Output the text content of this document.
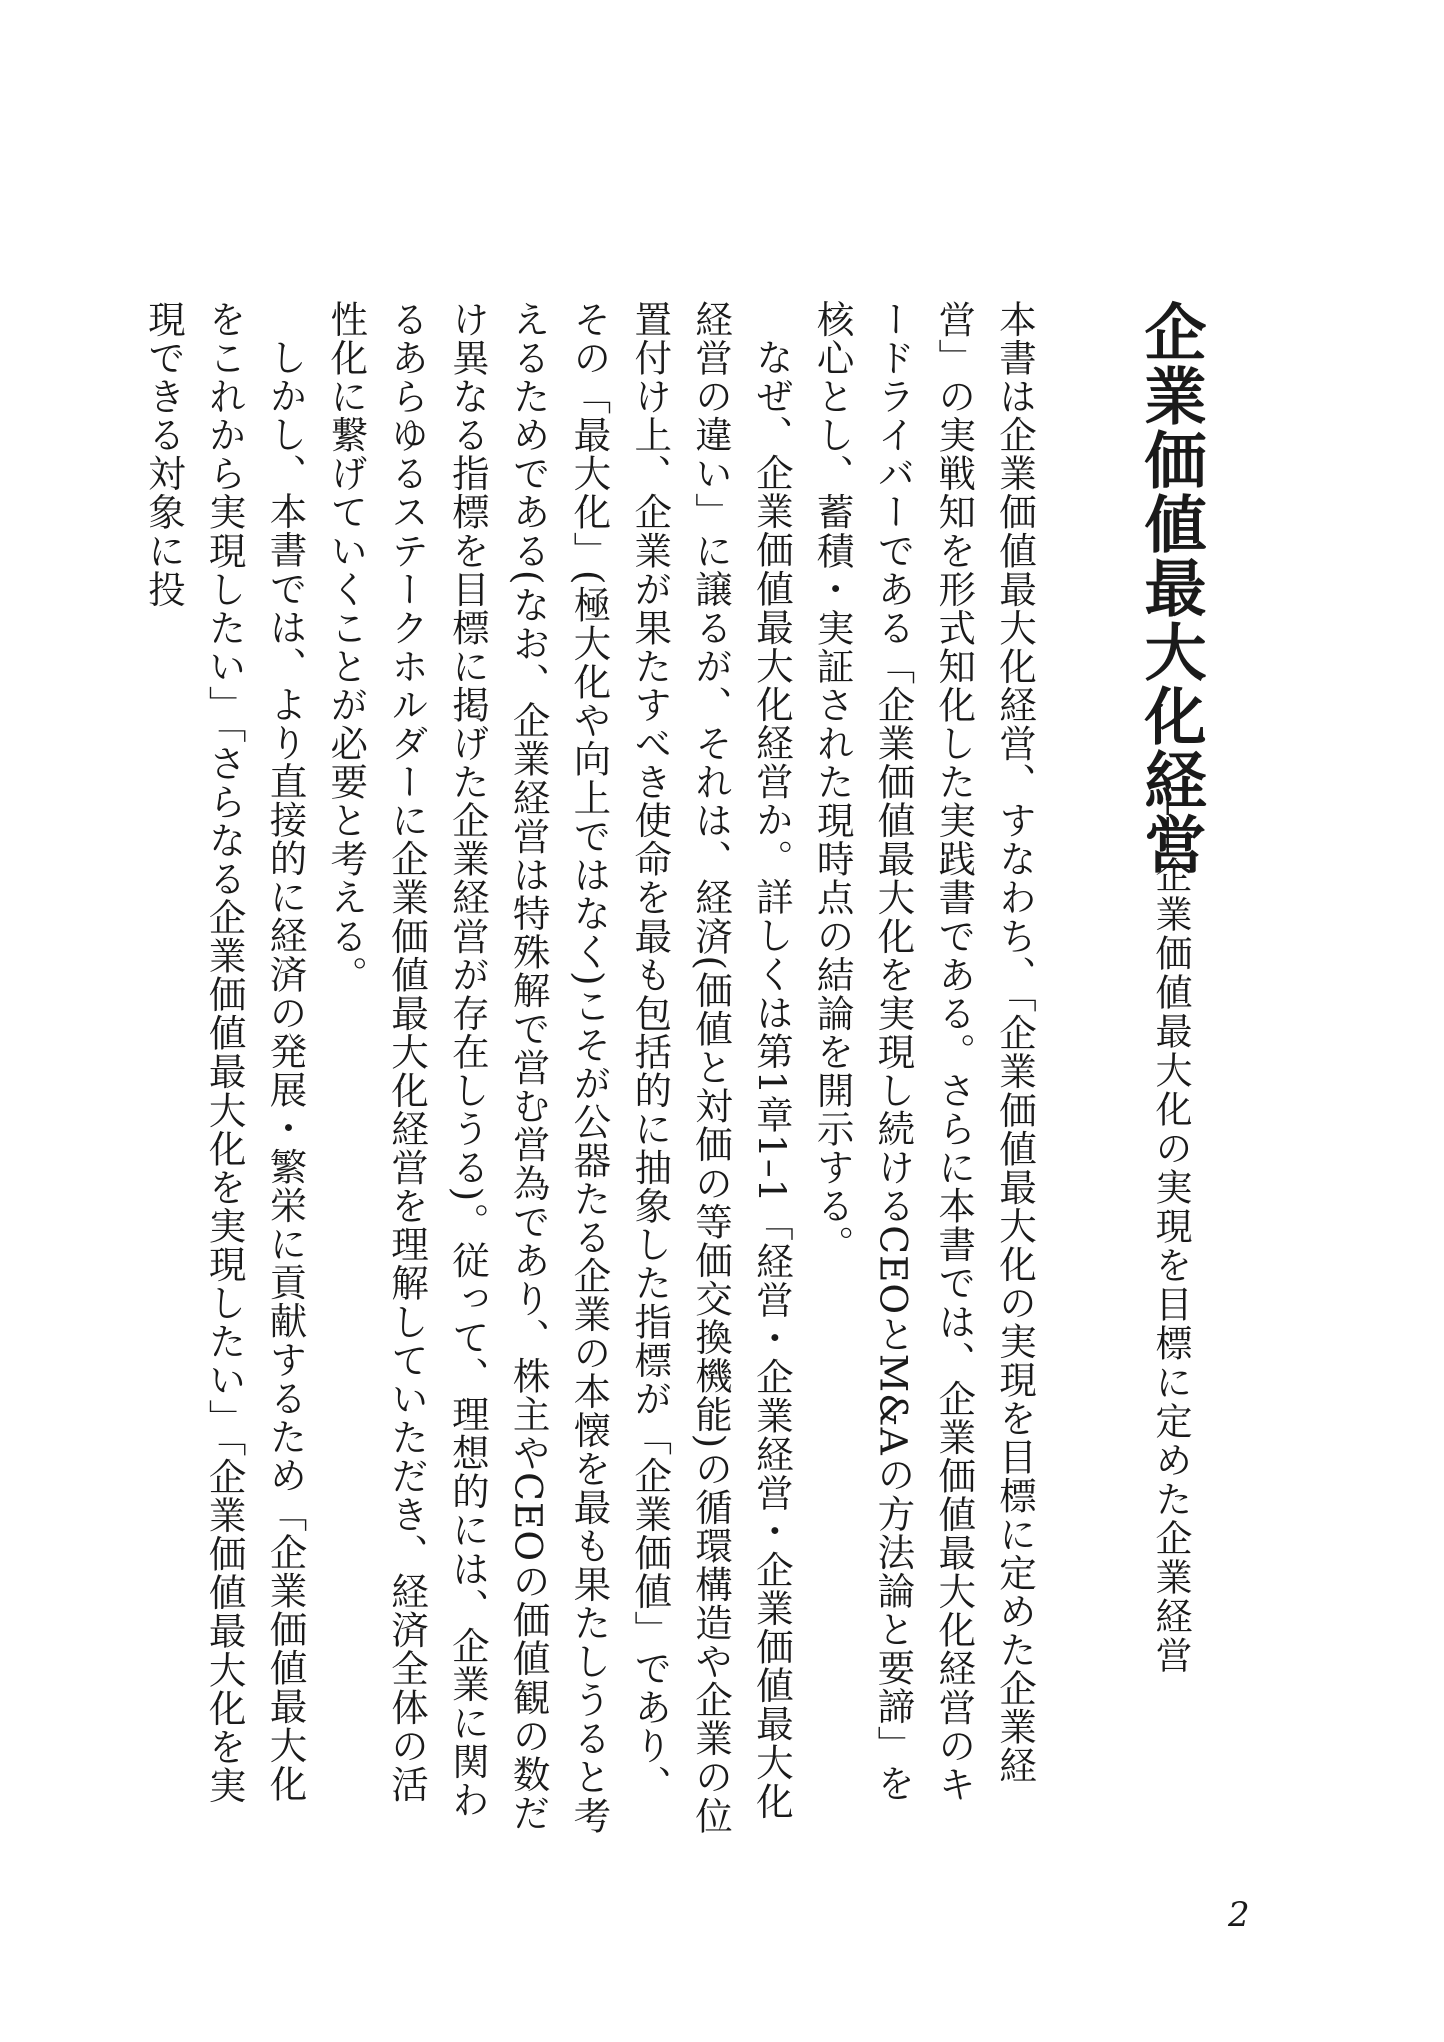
企業価値最大化経営
――企業価値最大化の実現を目標に定めた企業経営

本書は企業価値最大化経営、すなわち、「企業価値最大化の実現を目標に定めた企業経営」の実戦知を形式知化した実践書である。さらに本書では、企業価値最大化経営のキードライバーである「企業価値最大化を実現し続けるCEOとM&Aの方法論と要諦」を核心とし、蓄積・実証された現時点の結論を開示する。

なぜ、企業価値最大化経営か。詳しくは第1章1–1「経営・企業経営・企業価値最大化経営の違い」に譲るが、それは、経済(価値と対価の等価交換機能)の循環構造や企業の位置付け上、企業が果たすべき使命を最も包括的に抽象した指標が「企業価値」であり、その「最大化」(極大化や向上ではなく)こそが公器たる企業の本懐を最も果たしうると考えるためである(なお、企業経営は特殊解で営む営為であり、株主やCEOの価値観の数だけ異なる指標を目標に掲げた企業経営が存在しうる)。従って、理想的には、企業に関わるあらゆるステークホルダーに企業価値最大化経営を理解していただき、経済全体の活性化に繋げていくことが必要と考える。

しかし、本書では、より直接的に経済の発展・繁栄に貢献するため「企業価値最大化をこれから実現したい」「さらなる企業価値最大化を実現したい」「企業価値最大化を実現できる対象に投

2
